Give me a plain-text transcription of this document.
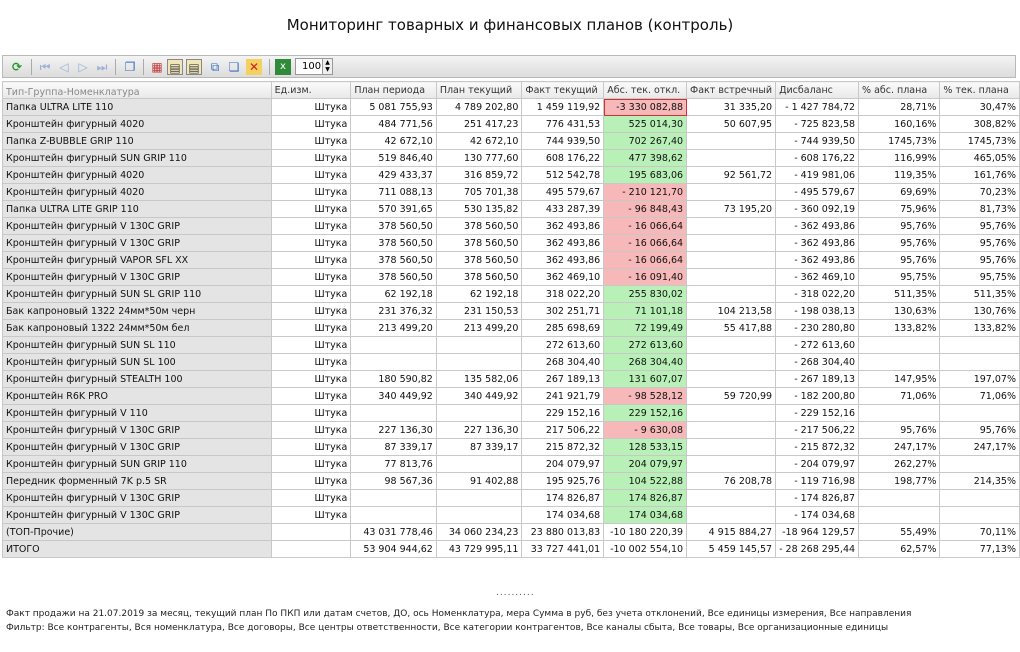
Мониторинг товарных и финансовых планов (контроль)
⟳ ⏮ ◁ ▷ ⏭ ❐ ▦ ▤ ▤ ⧉ ❏ ✕	x	100 ▲
▼
Тип-Группа-Номенклатура	Ед.изм.	План периода	План текущий	Факт текущий	Абс. тек. откл.	Факт встречный	Дисбаланс	% абс. плана	% тек. плана
Папка ULTRA LITE 110	Штука	5 081 755,93	4 789 202,80	1 459 119,92	-3 330 082,88	31 335,20	- 1 427 784,72	28,71%	30,47%
Кронштейн фигурный 4020	Штука	484 771,56	251 417,23	776 431,53	525 014,30	50 607,95	- 725 823,58	160,16%	308,82%
Папка Z-BUBBLE GRIP 110	Штука	42 672,10	42 672,10	744 939,50	702 267,40		- 744 939,50	1745,73%	1745,73%
Кронштейн фигурный SUN GRIP 110	Штука	519 846,40	130 777,60	608 176,22	477 398,62		- 608 176,22	116,99%	465,05%
Кронштейн фигурный 4020	Штука	429 433,37	316 859,72	512 542,78	195 683,06	92 561,72	- 419 981,06	119,35%	161,76%
Кронштейн фигурный 4020	Штука	711 088,13	705 701,38	495 579,67	- 210 121,70		- 495 579,67	69,69%	70,23%
Папка ULTRA LITE GRIP 110	Штука	570 391,65	530 135,82	433 287,39	- 96 848,43	73 195,20	- 360 092,19	75,96%	81,73%
Кронштейн фигурный V 130C GRIP	Штука	378 560,50	378 560,50	362 493,86	- 16 066,64		- 362 493,86	95,76%	95,76%
Кронштейн фигурный V 130C GRIP	Штука	378 560,50	378 560,50	362 493,86	- 16 066,64		- 362 493,86	95,76%	95,76%
Кронштейн фигурный VAPOR SFL XX	Штука	378 560,50	378 560,50	362 493,86	- 16 066,64		- 362 493,86	95,76%	95,76%
Кронштейн фигурный V 130C GRIP	Штука	378 560,50	378 560,50	362 469,10	- 16 091,40		- 362 469,10	95,75%	95,75%
Кронштейн фигурный SUN SL GRIP 110	Штука	62 192,18	62 192,18	318 022,20	255 830,02		- 318 022,20	511,35%	511,35%
Бак капроновый 1322 24мм*50м черн	Штука	231 376,32	231 150,53	302 251,71	71 101,18	104 213,58	- 198 038,13	130,63%	130,76%
Бак капроновый 1322 24мм*50м бел	Штука	213 499,20	213 499,20	285 698,69	72 199,49	55 417,88	- 230 280,80	133,82%	133,82%
Кронштейн фигурный SUN SL 110	Штука			272 613,60	272 613,60		- 272 613,60		
Кронштейн фигурный SUN SL 100	Штука			268 304,40	268 304,40		- 268 304,40		
Кронштейн фигурный STEALTH 100	Штука	180 590,82	135 582,06	267 189,13	131 607,07		- 267 189,13	147,95%	197,07%
Кронштейн R6K PRO	Штука	340 449,92	340 449,92	241 921,79	- 98 528,12	59 720,99	- 182 200,80	71,06%	71,06%
Кронштейн фигурный V 110	Штука			229 152,16	229 152,16		- 229 152,16		
Кронштейн фигурный V 130C GRIP	Штука	227 136,30	227 136,30	217 506,22	- 9 630,08		- 217 506,22	95,76%	95,76%
Кронштейн фигурный V 130C GRIP	Штука	87 339,17	87 339,17	215 872,32	128 533,15		- 215 872,32	247,17%	247,17%
Кронштейн фигурный SUN GRIP 110	Штука	77 813,76		204 079,97	204 079,97		- 204 079,97	262,27%	
Передник форменный 7K p.5 SR	Штука	98 567,36	91 402,88	195 925,76	104 522,88	76 208,78	- 119 716,98	198,77%	214,35%
Кронштейн фигурный V 130C GRIP	Штука			174 826,87	174 826,87		- 174 826,87		
Кронштейн фигурный V 130C GRIP	Штука			174 034,68	174 034,68		- 174 034,68		
(ТОП-Прочие)		43 031 778,46	34 060 234,23	23 880 013,83	-10 180 220,39	4 915 884,27	-18 964 129,57	55,49%	70,11%
ИТОГО		53 904 944,62	43 729 995,11	33 727 441,01	-10 002 554,10	5 459 145,57	- 28 268 295,44	62,57%	77,13%
..........
Факт продажи на 21.07.2019 за месяц, текущий план По ПКП или датам счетов, ДО, ось Номенклатура, мера Сумма в руб, без учета отклонений, Все единицы измерения, Все направления
Фильтр: Все контрагенты, Вся номенклатура, Все договоры, Все центры ответственности, Все категории контрагентов, Все каналы сбыта, Все товары, Все организационные единицы
